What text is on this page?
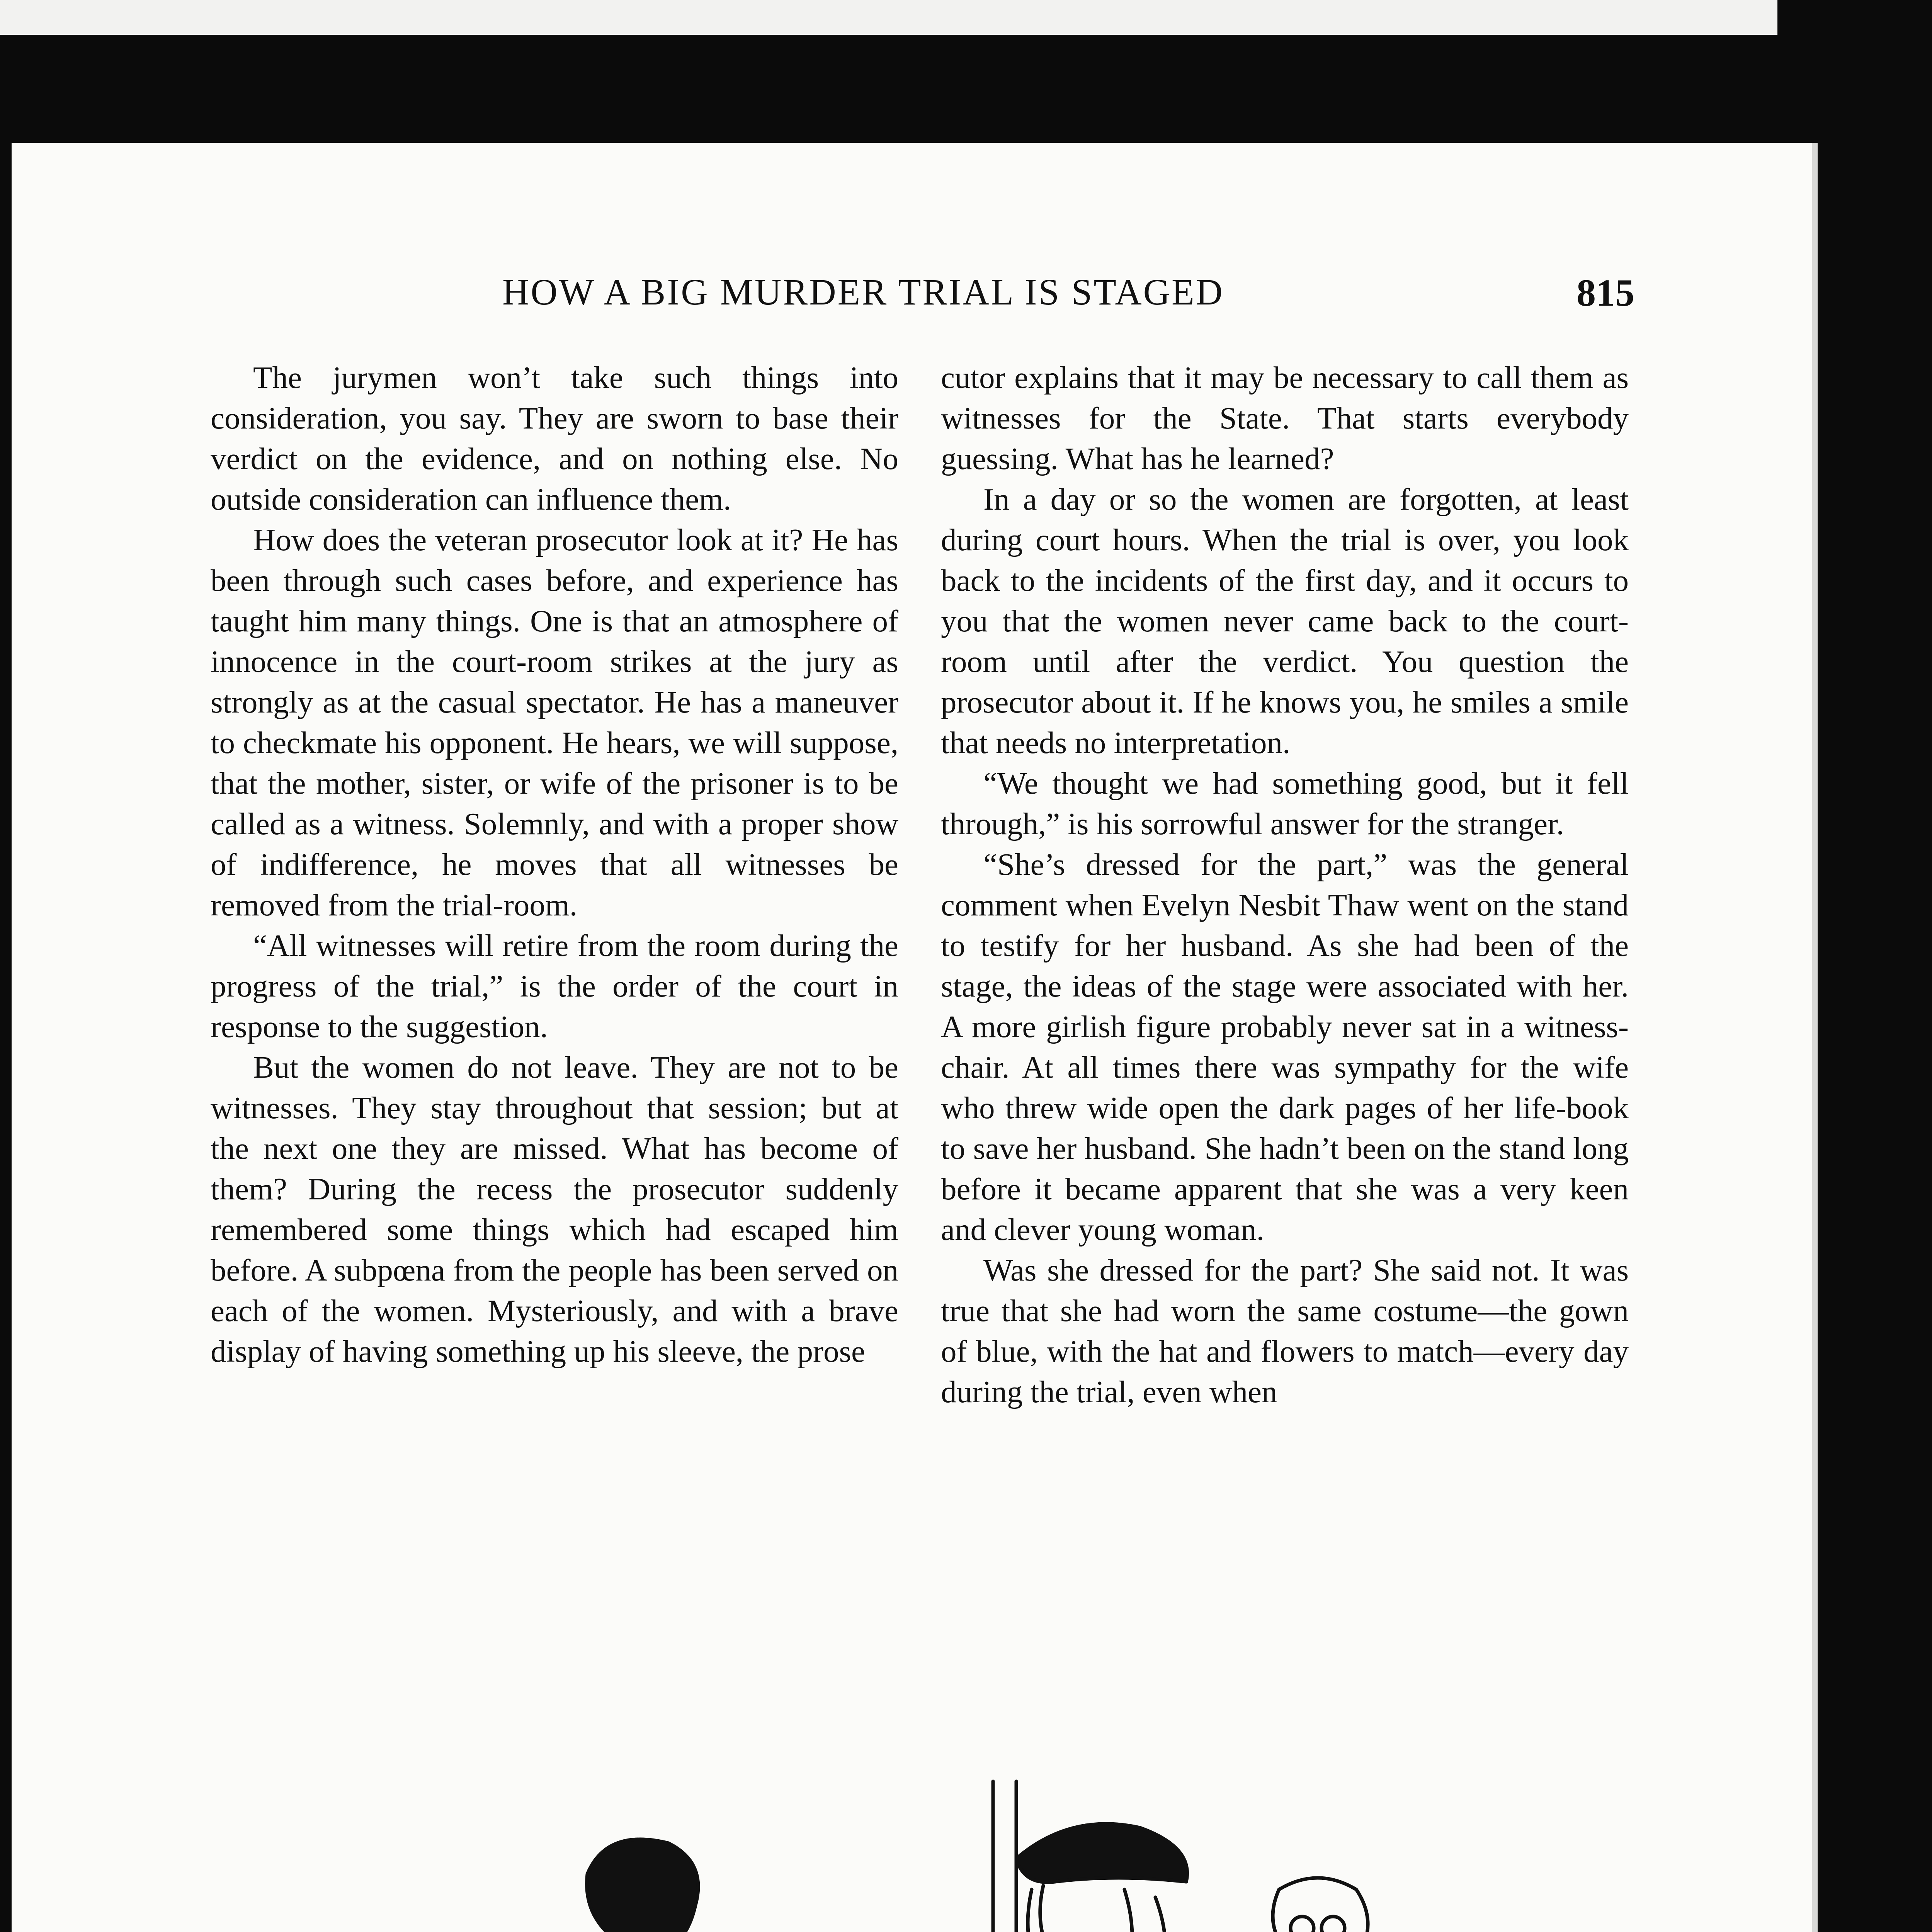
HOW A BIG MURDER TRIAL IS STAGED	815

The jurymen won’t take such things into consideration, you say. They are sworn to base their verdict on the evidence, and on nothing else. No outside consideration can influence them.

How does the veteran prosecutor look at it? He has been through such cases before, and experience has taught him many things. One is that an atmosphere of innocence in the court-room strikes at the jury as strongly as at the casual spectator. He has a maneuver to checkmate his opponent. He hears, we will suppose, that the mother, sister, or wife of the prisoner is to be called as a witness. Solemnly, and with a proper show of indifference, he moves that all witnesses be removed from the trial-room.

“All witnesses will retire from the room during the progress of the trial,” is the order of the court in response to the suggestion.

But the women do not leave. They are not to be witnesses. They stay throughout that session; but at the next one they are missed. What has become of them? During the recess the prosecutor suddenly remembered some things which had escaped him before. A subpœna from the people has been served on each of the women. Mysteriously, and with a brave display of having something up his sleeve, the prose

cutor explains that it may be necessary to call them as witnesses for the State. That starts everybody guessing. What has he learned?

In a day or so the women are forgotten, at least during court hours. When the trial is over, you look back to the incidents of the first day, and it occurs to you that the women never came back to the court-room until after the verdict. You question the prosecutor about it. If he knows you, he smiles a smile that needs no interpretation.

“We thought we had something good, but it fell through,” is his sorrowful answer for the stranger.

“She’s dressed for the part,” was the general comment when Evelyn Nesbit Thaw went on the stand to testify for her husband. As she had been of the stage, the ideas of the stage were associated with her. A more girlish figure probably never sat in a witness-chair. At all times there was sympathy for the wife who threw wide open the dark pages of her life-book to save her husband. She hadn’t been on the stand long before it became apparent that she was a very keen and clever young woman.

Was she dressed for the part? She said not. It was true that she had worn the same costume—the gown of blue, with the hat and flowers to match—every day during the trial, even when
